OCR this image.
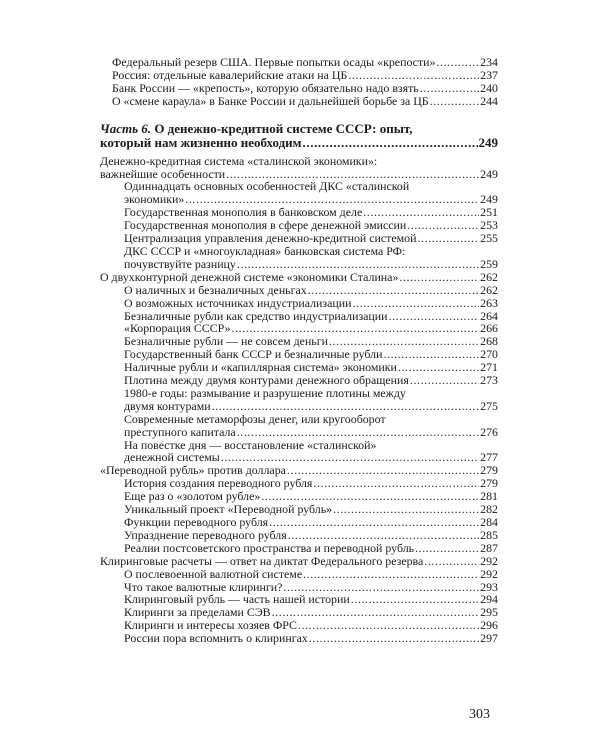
Федеральный резерв США. Первые попытки осады «крепости» .....	234
Россия: отдельные кавалерийские атаки на ЦБ .....	237
Банк России — «крепость», которую обязательно надо взять .....	240
О «смене караула» в Банке России и дальнейшей борьбе за ЦБ .....	244
Часть 6. О денежно-кредитной системе СССР: опыт,
который нам жизненно необходим .....	249
Денежно-кредитная система «сталинской экономики»:
важнейшие особенности .....	249
Одиннадцать основных особенностей ДКС «сталинской
экономики» .....	249
Государственная монополия в банковском деле .....	251
Государственная монополия в сфере денежной эмиссии .....	253
Централизация управления денежно-кредитной системой .....	255
ДКС СССР и «многоукладная» банковская система РФ:
почувствуйте разницу .....	259
О двухконтурной денежной системе «экономики Сталина» .....	262
О наличных и безналичных деньгах .....	262
О возможных источниках индустриализации .....	263
Безналичные рубли как средство индустриализации .....	264
«Корпорация СССР» .....	266
Безналичные рубли — не совсем деньги .....	268
Государственный банк СССР и безналичные рубли .....	270
Наличные рубли и «капиллярная система» экономики .....	271
Плотина между двумя контурами денежного обращения .....	273
1980-е годы: размывание и разрушение плотины между
двумя контурами .....	275
Современные метаморфозы денег, или кругооборот
преступного капитала .....	276
На повестке дня — восстановление «сталинской»
денежной системы .....	277
«Переводной рубль» против доллара .....	279
История создания переводного рубля .....	279
Еще раз о «золотом рубле» .....	281
Уникальный проект «Переводной рубль» .....	282
Функции переводного рубля .....	284
Упразднение переводного рубля .....	285
Реалии постсоветского пространства и переводной рубль .....	287
Клиринговые расчеты — ответ на диктат Федерального резерва .....	292
О послевоенной валютной системе .....	292
Что такое валютные клиринги? .....	293
Клиринговый рубль — часть нашей истории .....	294
Клиринги за пределами СЭВ .....	295
Клиринги и интересы хозяев ФРС .....	296
России пора вспомнить о клирингах .....	297
303
